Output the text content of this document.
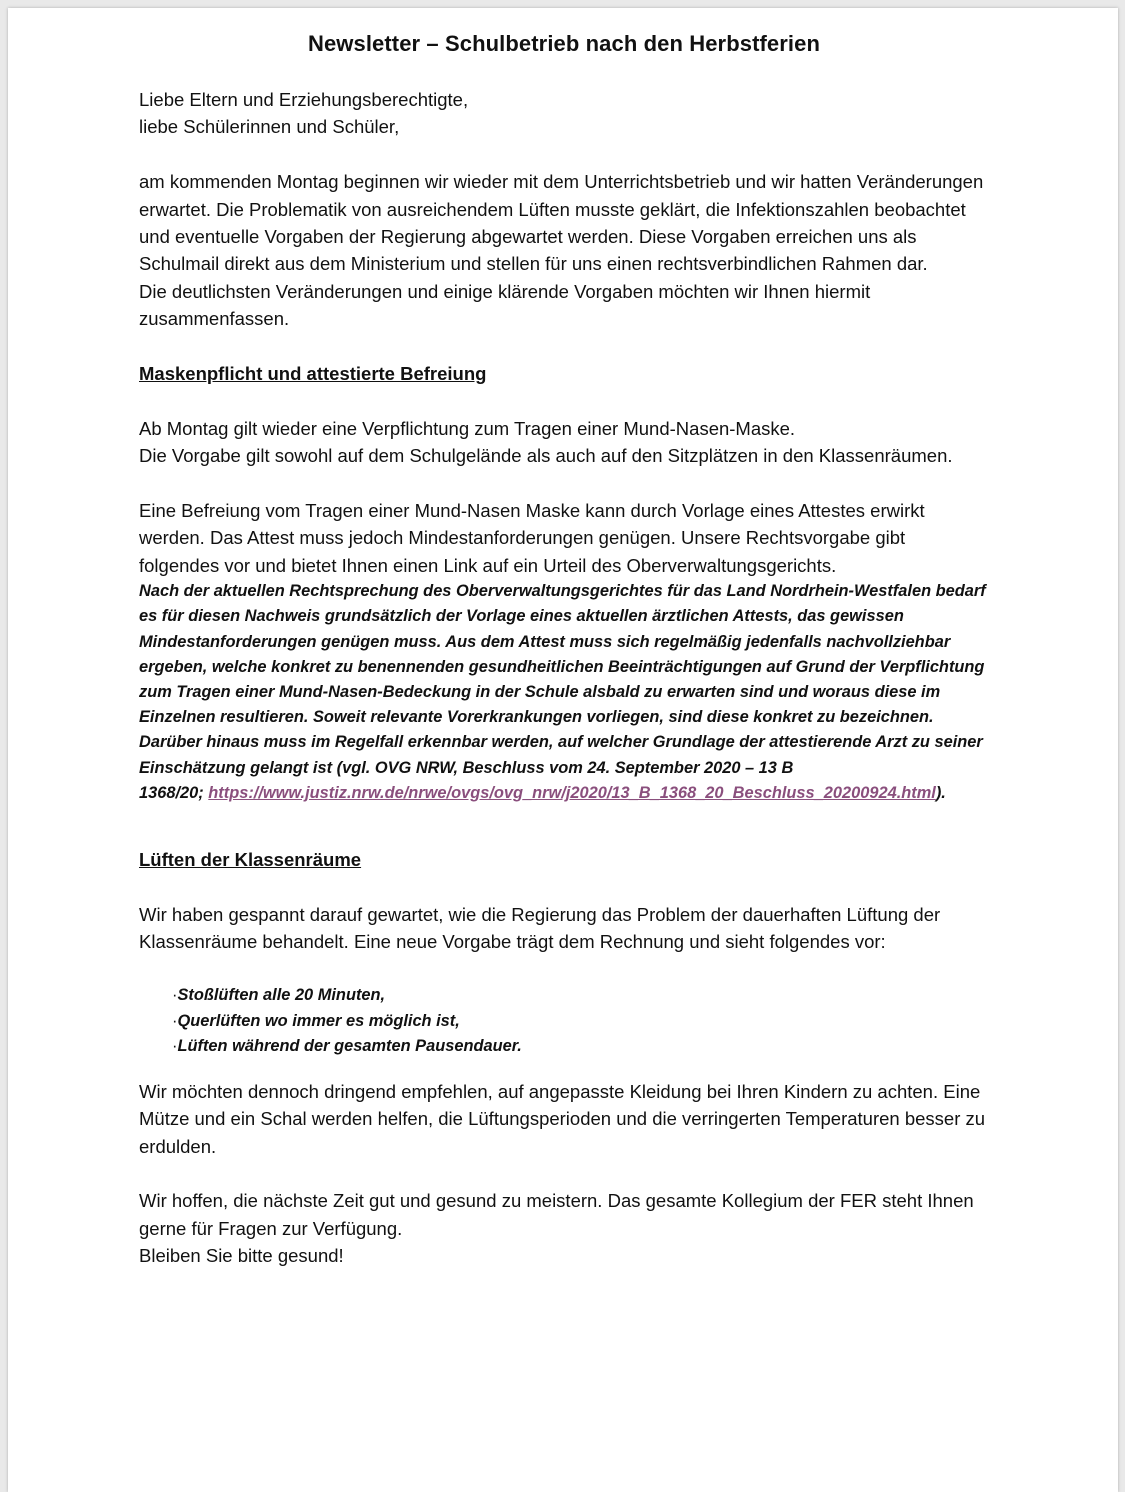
Newsletter – Schulbetrieb nach den Herbstferien

Liebe Eltern und Erziehungsberechtigte,

liebe Schülerinnen und Schüler,

am kommenden Montag beginnen wir wieder mit dem Unterrichtsbetrieb und wir hatten Veränderungen erwartet. Die Problematik von ausreichendem Lüften musste geklärt, die Infektionszahlen beobachtet und eventuelle Vorgaben der Regierung abgewartet werden. Diese Vorgaben erreichen uns als Schulmail direkt aus dem Ministerium und stellen für uns einen rechtsverbindlichen Rahmen dar.

Die deutlichsten Veränderungen und einige klärende Vorgaben möchten wir Ihnen hiermit zusammenfassen.

Maskenpflicht und attestierte Befreiung

Ab Montag gilt wieder eine Verpflichtung zum Tragen einer Mund-Nasen-Maske.

Die Vorgabe gilt sowohl auf dem Schulgelände als auch auf den Sitzplätzen in den Klassenräumen.

Eine Befreiung vom Tragen einer Mund-Nasen Maske kann durch Vorlage eines Attestes erwirkt werden. Das Attest muss jedoch Mindestanforderungen genügen. Unsere Rechtsvorgabe gibt folgendes vor und bietet Ihnen einen Link auf ein Urteil des Oberverwaltungsgerichts.

Nach der aktuellen Rechtsprechung des Oberverwaltungsgerichtes für das Land Nordrhein-Westfalen bedarf es für diesen Nachweis grundsätzlich der Vorlage eines aktuellen ärztlichen Attests, das gewissen Mindestanforderungen genügen muss. Aus dem Attest muss sich regelmäßig jedenfalls nachvollziehbar ergeben, welche konkret zu benennenden gesundheitlichen Beeinträchtigungen auf Grund der Verpflichtung zum Tragen einer Mund-Nasen-Bedeckung in der Schule alsbald zu erwarten sind und woraus diese im Einzelnen resultieren. Soweit relevante Vorerkrankungen vorliegen, sind diese konkret zu bezeichnen. Darüber hinaus muss im Regelfall erkennbar werden, auf welcher Grundlage der attestierende Arzt zu seiner Einschätzung gelangt ist (vgl. OVG NRW, Beschluss vom 24. September 2020 – 13 B
1368/20; https://www.justiz.nrw.de/nrwe/ovgs/ovg_nrw/j2020/13_B_1368_20_Beschluss_20200924.html).
Lüften der Klassenräume

Wir haben gespannt darauf gewartet, wie die Regierung das Problem der dauerhaften Lüftung der Klassenräume behandelt. Eine neue Vorgabe trägt dem Rechnung und sieht folgendes vor:

· Stoßlüften alle 20 Minuten,
· Querlüften wo immer es möglich ist,
· Lüften während der gesamten Pausendauer.

Wir möchten dennoch dringend empfehlen, auf angepasste Kleidung bei Ihren Kindern zu achten. Eine Mütze und ein Schal werden helfen, die Lüftungsperioden und die verringerten Temperaturen besser zu erdulden.

Wir hoffen, die nächste Zeit gut und gesund zu meistern. Das gesamte Kollegium der FER steht Ihnen gerne für Fragen zur Verfügung.

Bleiben Sie bitte gesund!
